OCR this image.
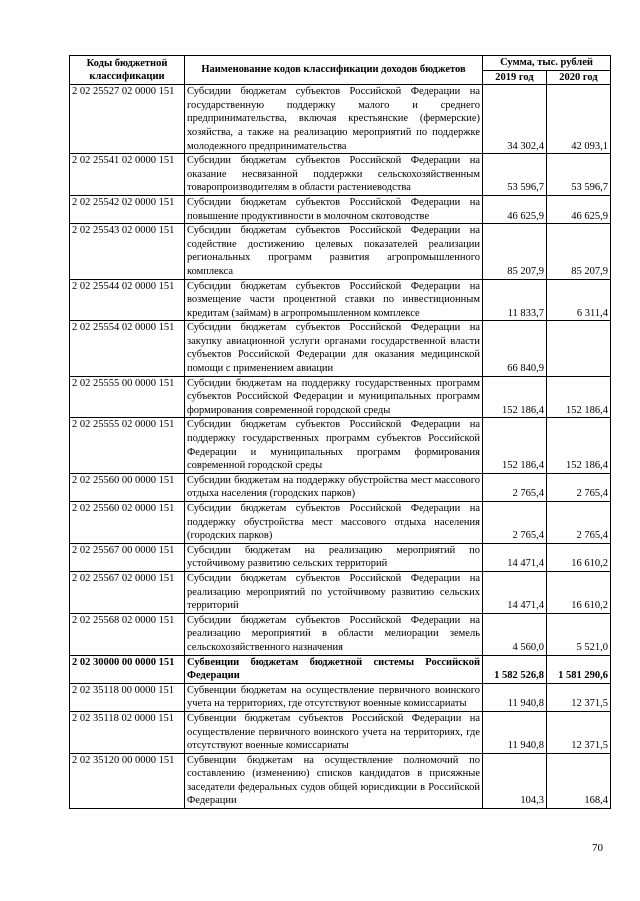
Коды бюджетной классификации	Наименование кодов классификации доходов бюджетов	Сумма, тыс. рублей	
		2019 год	2020 год
2 02 25527 02 0000 151	Субсидии бюджетам субъектов Российской Федерации на государственную поддержку малого и среднего предпринимательства, включая крестьянские (фермерские) хозяйства, а также на реализацию мероприятий по поддержке молодежного предпринимательства	34 302,4	42 093,1
2 02 25541 02 0000 151	Субсидии бюджетам субъектов Российской Федерации на оказание несвязанной поддержки сельскохозяйственным товаропроизводителям в области растениеводства	53 596,7	53 596,7
2 02 25542 02 0000 151	Субсидии бюджетам субъектов Российской Федерации на повышение продуктивности в молочном скотоводстве	46 625,9	46 625,9
2 02 25543 02 0000 151	Субсидии бюджетам субъектов Российской Федерации на содействие достижению целевых показателей реализации региональных программ развития агропромышленного комплекса	85 207,9	85 207,9
2 02 25544 02 0000 151	Субсидии бюджетам субъектов Российской Федерации на возмещение части процентной ставки по инвестиционным кредитам (займам) в агропромышленном комплексе	11 833,7	6 311,4
2 02 25554 02 0000 151	Субсидии бюджетам субъектов Российской Федерации на закупку авиационной услуги органами государственной власти субъектов Российской Федерации для оказания медицинской помощи с применением авиации	66 840,9	
2 02 25555 00 0000 151	Субсидии бюджетам на поддержку государственных программ субъектов Российской Федерации и муниципальных программ формирования современной городской среды	152 186,4	152 186,4
2 02 25555 02 0000 151	Субсидии бюджетам субъектов Российской Федерации на поддержку государственных программ субъектов Российской Федерации и муниципальных программ формирования современной городской среды	152 186,4	152 186,4
2 02 25560 00 0000 151	Субсидии бюджетам на поддержку обустройства мест массового отдыха населения (городских парков)	2 765,4	2 765,4
2 02 25560 02 0000 151	Субсидии бюджетам субъектов Российской Федерации на поддержку обустройства мест массового отдыха населения (городских парков)	2 765,4	2 765,4
2 02 25567 00 0000 151	Субсидии бюджетам на реализацию мероприятий по устойчивому развитию сельских территорий	14 471,4	16 610,2
2 02 25567 02 0000 151	Субсидии бюджетам субъектов Российской Федерации на реализацию мероприятий по устойчивому развитию сельских территорий	14 471,4	16 610,2
2 02 25568 02 0000 151	Субсидии бюджетам субъектов Российской Федерации на реализацию мероприятий в области мелиорации земель сельскохозяйственного назначения	4 560,0	5 521,0
2 02 30000 00 0000 151	Субвенции бюджетам бюджетной системы Российской Федерации	1 582 526,8	1 581 290,6
2 02 35118 00 0000 151	Субвенции бюджетам на осуществление первичного воинского учета на территориях, где отсутствуют военные комиссариаты	11 940,8	12 371,5
2 02 35118 02 0000 151	Субвенции бюджетам субъектов Российской Федерации на осуществление первичного воинского учета на территориях, где отсутствуют военные комиссариаты	11 940,8	12 371,5
2 02 35120 00 0000 151	Субвенции бюджетам на осуществление полномочий по составлению (изменению) списков кандидатов в присяжные заседатели федеральных судов общей юрисдикции в Российской Федерации	104,3	168,4
70
